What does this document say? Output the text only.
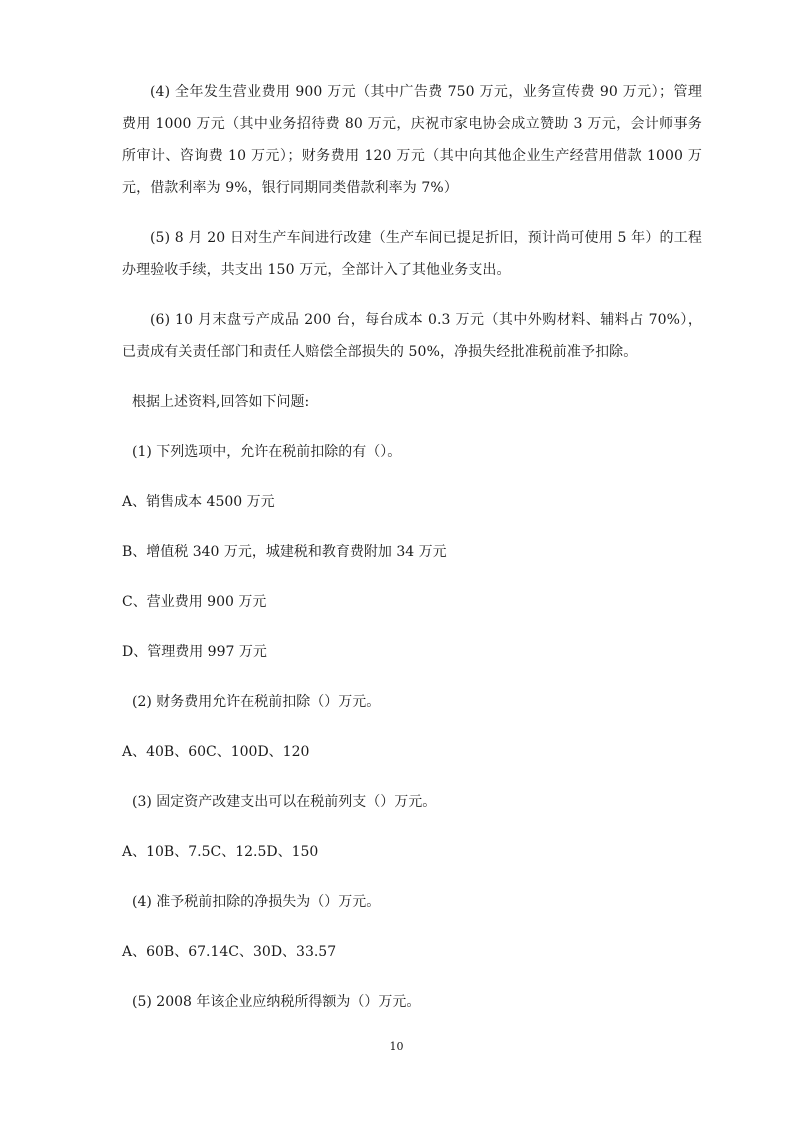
(4) 全年发生营业费用 900 万元（其中广告费 750 万元，业务宣传费 90 万元）；管理费用 1000 万元（其中业务招待费 80 万元，庆祝市家电协会成立赞助 3 万元，会计师事务所审计、咨询费 10 万元）；财务费用 120 万元（其中向其他企业生产经营用借款 1000 万元，借款利率为 9%，银行同期同类借款利率为 7%）

(5) 8 月 20 日对生产车间进行改建（生产车间已提足折旧，预计尚可使用 5 年）的工程办理验收手续，共支出 150 万元，全部计入了其他业务支出。

(6) 10 月末盘亏产成品 200 台，每台成本 0.3 万元（其中外购材料、辅料占 70%），已责成有关责任部门和责任人赔偿全部损失的 50%，净损失经批准税前准予扣除。

根据上述资料,回答如下问题:

(1) 下列选项中，允许在税前扣除的有（）。

A、销售成本 4500 万元

B、增值税 340 万元，城建税和教育费附加 34 万元

C、营业费用 900 万元

D、管理费用 997 万元

(2) 财务费用允许在税前扣除（）万元。

A、40B、60C、100D、120

(3) 固定资产改建支出可以在税前列支（）万元。

A、10B、7.5C、12.5D、150

(4) 准予税前扣除的净损失为（）万元。

A、60B、67.14C、30D、33.57

(5) 2008 年该企业应纳税所得额为（）万元。

10
